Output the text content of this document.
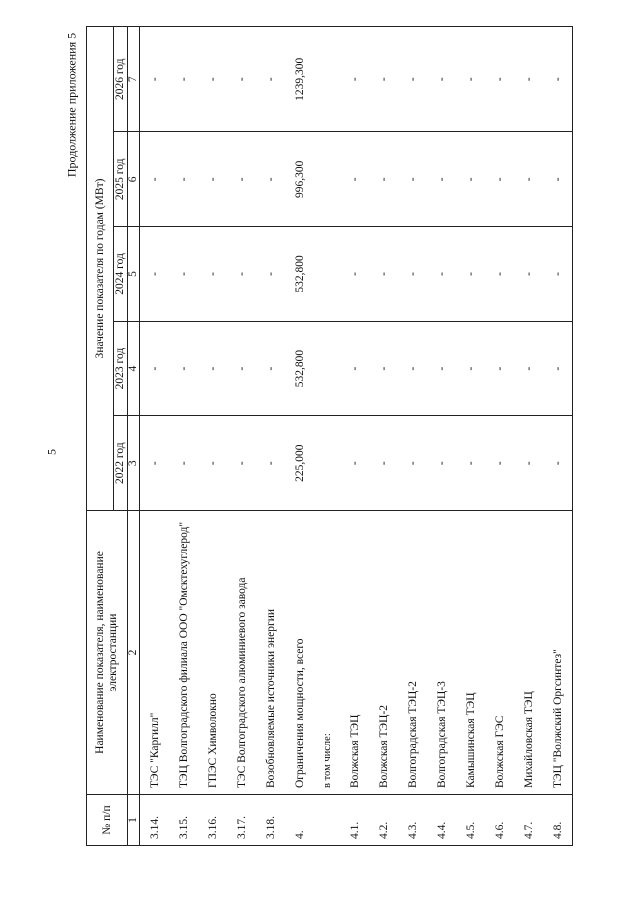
5
Продолжение приложения 5
№ п/п	Наименование показателя, наименование электростанции	Значение показателя по годам (МВт)				
		2022 год	2023 год	2024 год	2025 год	2026 год
1	2	3	4	5	6	7
3.14.	ТЭС "Каргилл"	-	-	-	-	-
3.15.	ТЭЦ Волгоградского филиала ООО "Омсктехуглерод"	-	-	-	-	-
3.16.	ГПЭС Химволокно	-	-	-	-	-
3.17.	ТЭС Волгоградского алюминиевого завода	-	-	-	-	-
3.18.	Возобновляемые источники энергии	-	-	-	-	-
4.	Ограничения мощности, всего	225,000	532,800	532,800	996,300	1239,300
	в том числе:					
4.1.	Волжская ТЭЦ	-	-	-	-	-
4.2.	Волжская ТЭЦ-2	-	-	-	-	-
4.3.	Волгоградская ТЭЦ-2	-	-	-	-	-
4.4.	Волгоградская ТЭЦ-3	-	-	-	-	-
4.5.	Камышинская ТЭЦ	-	-	-	-	-
4.6.	Волжская ГЭС	-	-	-	-	-
4.7.	Михайловская ТЭЦ	-	-	-	-	-
4.8.	ТЭЦ "Волжский Оргсинтез"	-	-	-	-	-
